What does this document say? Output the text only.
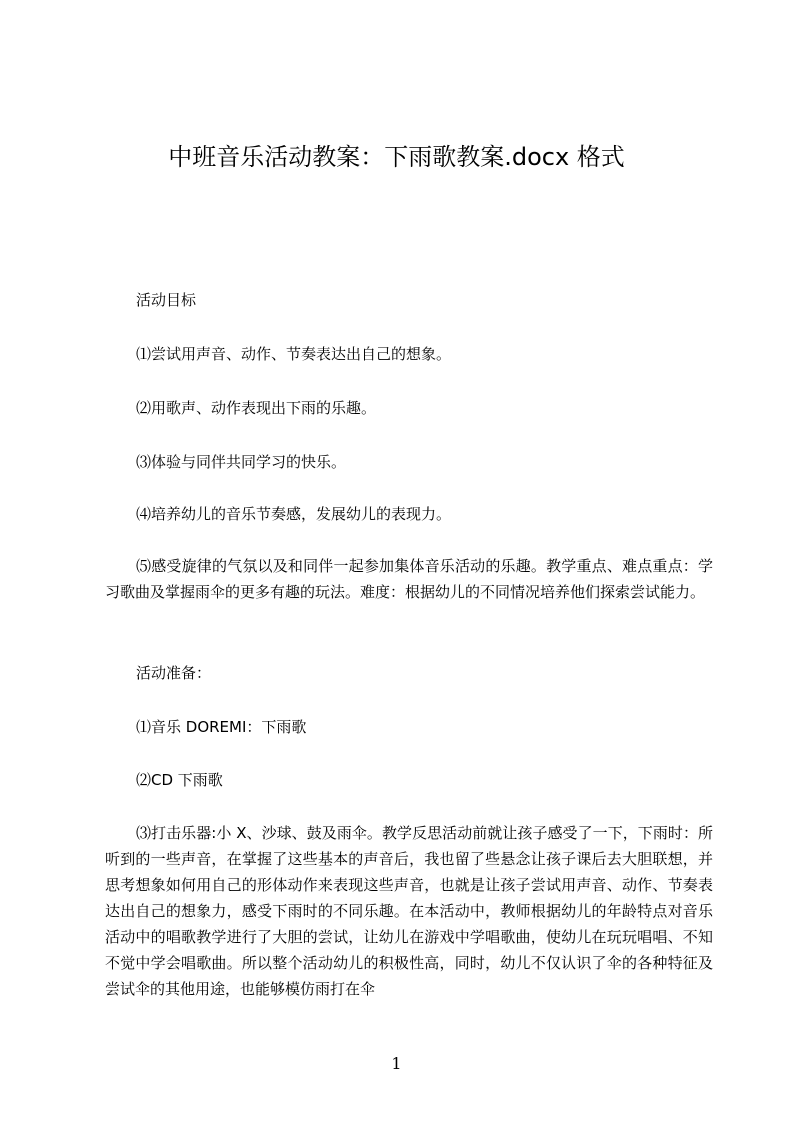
中班音乐活动教案：下雨歌教案.docx 格式

活动目标

⑴尝试用声音、动作、节奏表达出自己的想象。

⑵用歌声、动作表现出下雨的乐趣。

⑶体验与同伴共同学习的快乐。

⑷培养幼儿的音乐节奏感，发展幼儿的表现力。

⑸感受旋律的气氛以及和同伴一起参加集体音乐活动的乐趣。教学重点、难点重点：学习歌曲及掌握雨伞的更多有趣的玩法。难度：根据幼儿的不同情况培养他们探索尝试能力。

活动准备：

⑴音乐 DOREMI：下雨歌

⑵CD 下雨歌

⑶打击乐器:小 X、沙球、鼓及雨伞。教学反思活动前就让孩子感受了一下，下雨时：所听到的一些声音，在掌握了这些基本的声音后，我也留了些悬念让孩子课后去大胆联想，并思考想象如何用自己的形体动作来表现这些声音，也就是让孩子尝试用声音、动作、节奏表达出自己的想象力，感受下雨时的不同乐趣。在本活动中，教师根据幼儿的年龄特点对音乐活动中的唱歌教学进行了大胆的尝试，让幼儿在游戏中学唱歌曲，使幼儿在玩玩唱唱、不知不觉中学会唱歌曲。所以整个活动幼儿的积极性高，同时，幼儿不仅认识了伞的各种特征及尝试伞的其他用途，也能够模仿雨打在伞

1
